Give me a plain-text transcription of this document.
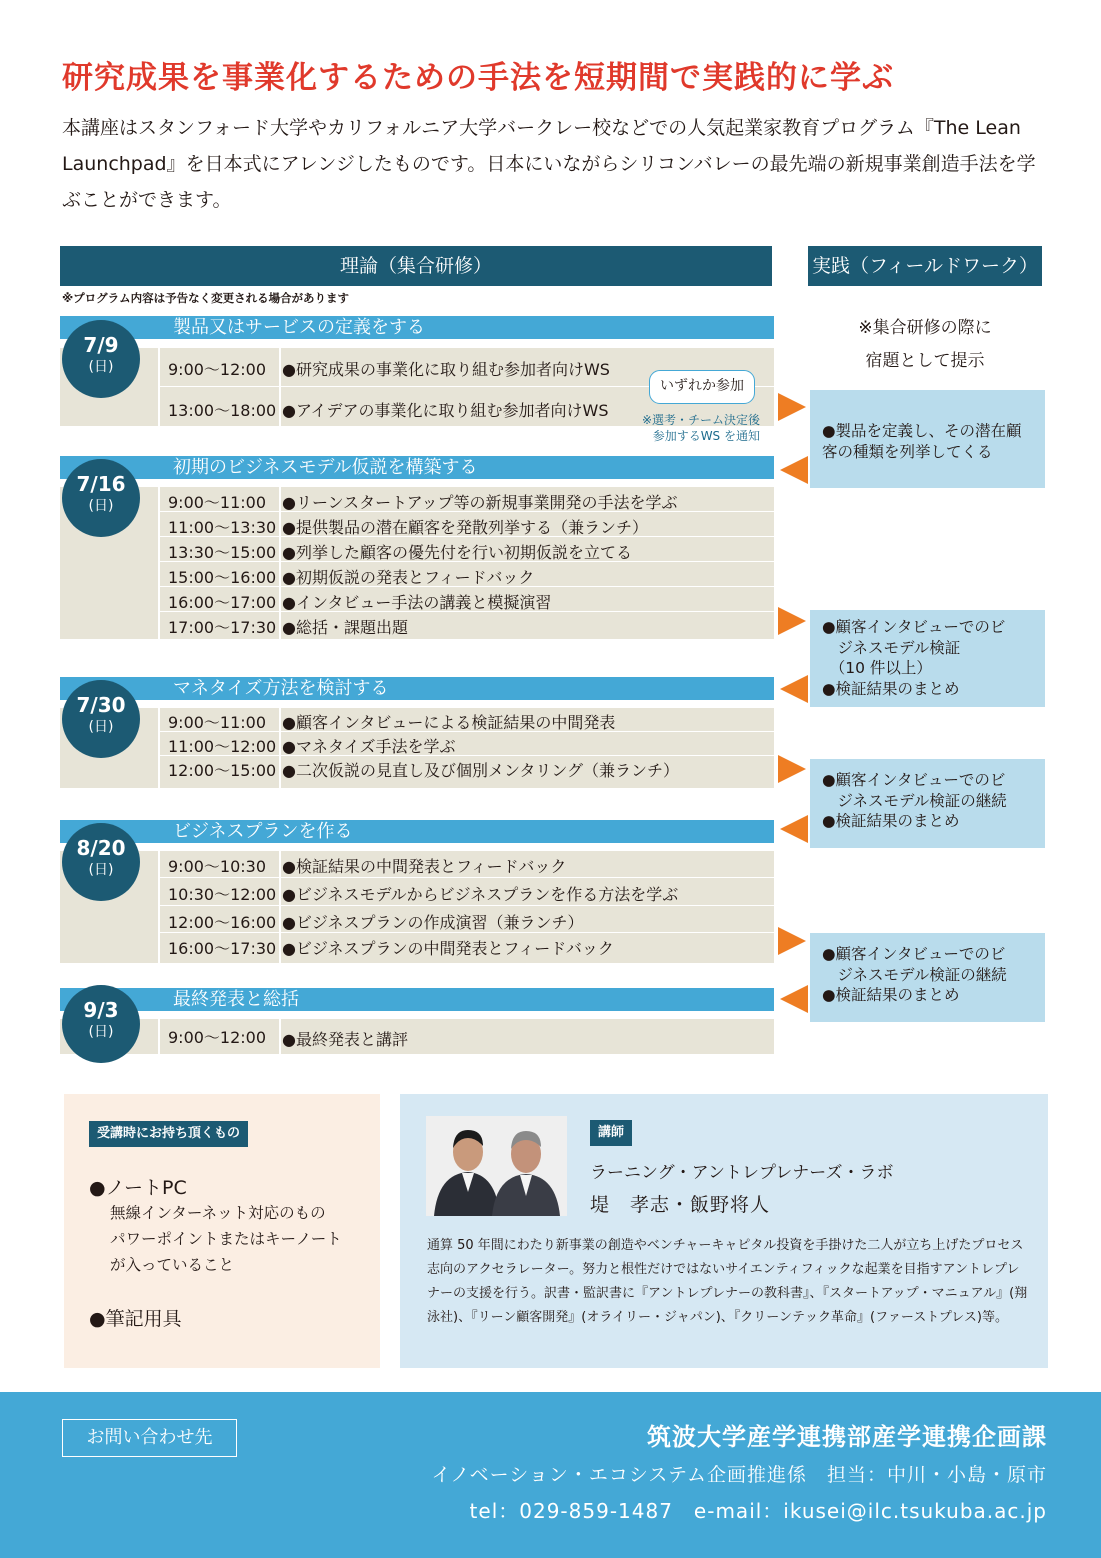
研究成果を事業化するための手法を短期間で実践的に学ぶ
本講座はスタンフォード大学やカリフォルニア大学バークレー校などでの人気起業家教育プログラム『The Lean Launchpad』を日本式にアレンジしたものです。日本にいながらシリコンバレーの最先端の新規事業創造手法を学ぶことができます。
理論（集合研修）	実践（フィールドワーク）
※プログラム内容は予告なく変更される場合があります
※集合研修の際に
宿題として提示
製品又はサービスの定義をする
9:00〜12:00 ●研究成果の事業化に取り組む参加者向けWS
13:00〜18:00 ●アイデアの事業化に取り組む参加者向けWS
7/9
(日)
いずれか参加
※選考・チーム決定後
参加するWS を通知
初期のビジネスモデル仮説を構築する
9:00〜11:00 ●リーンスタートアップ等の新規事業開発の手法を学ぶ
11:00〜13:30 ●提供製品の潜在顧客を発散列挙する（兼ランチ）
13:30〜15:00 ●列挙した顧客の優先付を行い初期仮説を立てる
15:00〜16:00 ●初期仮説の発表とフィードバック
16:00〜17:00 ●インタビュー手法の講義と模擬演習
17:00〜17:30 ●総括・課題出題
7/16
(日)
マネタイズ方法を検討する
9:00〜11:00 ●顧客インタビューによる検証結果の中間発表
11:00〜12:00 ●マネタイズ手法を学ぶ
12:00〜15:00 ●二次仮説の見直し及び個別メンタリング（兼ランチ）
7/30
(日)
ビジネスプランを作る
9:00〜10:30 ●検証結果の中間発表とフィードバック
10:30〜12:00 ●ビジネスモデルからビジネスプランを作る方法を学ぶ
12:00〜16:00 ●ビジネスプランの作成演習（兼ランチ）
16:00〜17:30 ●ビジネスプランの中間発表とフィードバック
8/20
(日)
最終発表と総括
9:00〜12:00 ●最終発表と講評
9/3
(日)
●製品を定義し、その潜在顧
客の種類を列挙してくる
●顧客インタビューでのビ
　ジネスモデル検証
　（10 件以上）
●検証結果のまとめ
●顧客インタビューでのビ
　ジネスモデル検証の継続
●検証結果のまとめ
●顧客インタビューでのビ
　ジネスモデル検証の継続
●検証結果のまとめ
受講時にお持ち頂くもの
●ノートPC
無線インターネット対応のもの
パワーポイントまたはキーノート
が入っていること
●筆記用具
講師
ラーニング・アントレプレナーズ・ラボ
堤　孝志・飯野将人
通算 50 年間にわたり新事業の創造やベンチャーキャピタル投資を手掛けた二人が立ち上げたプロセス志向のアクセラレーター。努力と根性だけではないサイエンティフィックな起業を目指すアントレプレナーの支援を行う。訳書・監訳書に『アントレプレナーの教科書』、『スタートアップ・マニュアル』(翔泳社)、『リーン顧客開発』(オライリー・ジャパン)、『クリーンテック革命』(ファーストプレス)等。
お問い合わせ先	筑波大学産学連携部産学連携企画課
イノベーション・エコシステム企画推進係　担当：中川・小島・原市
tel：029-859-1487　e-mail：ikusei@ilc.tsukuba.ac.jp
